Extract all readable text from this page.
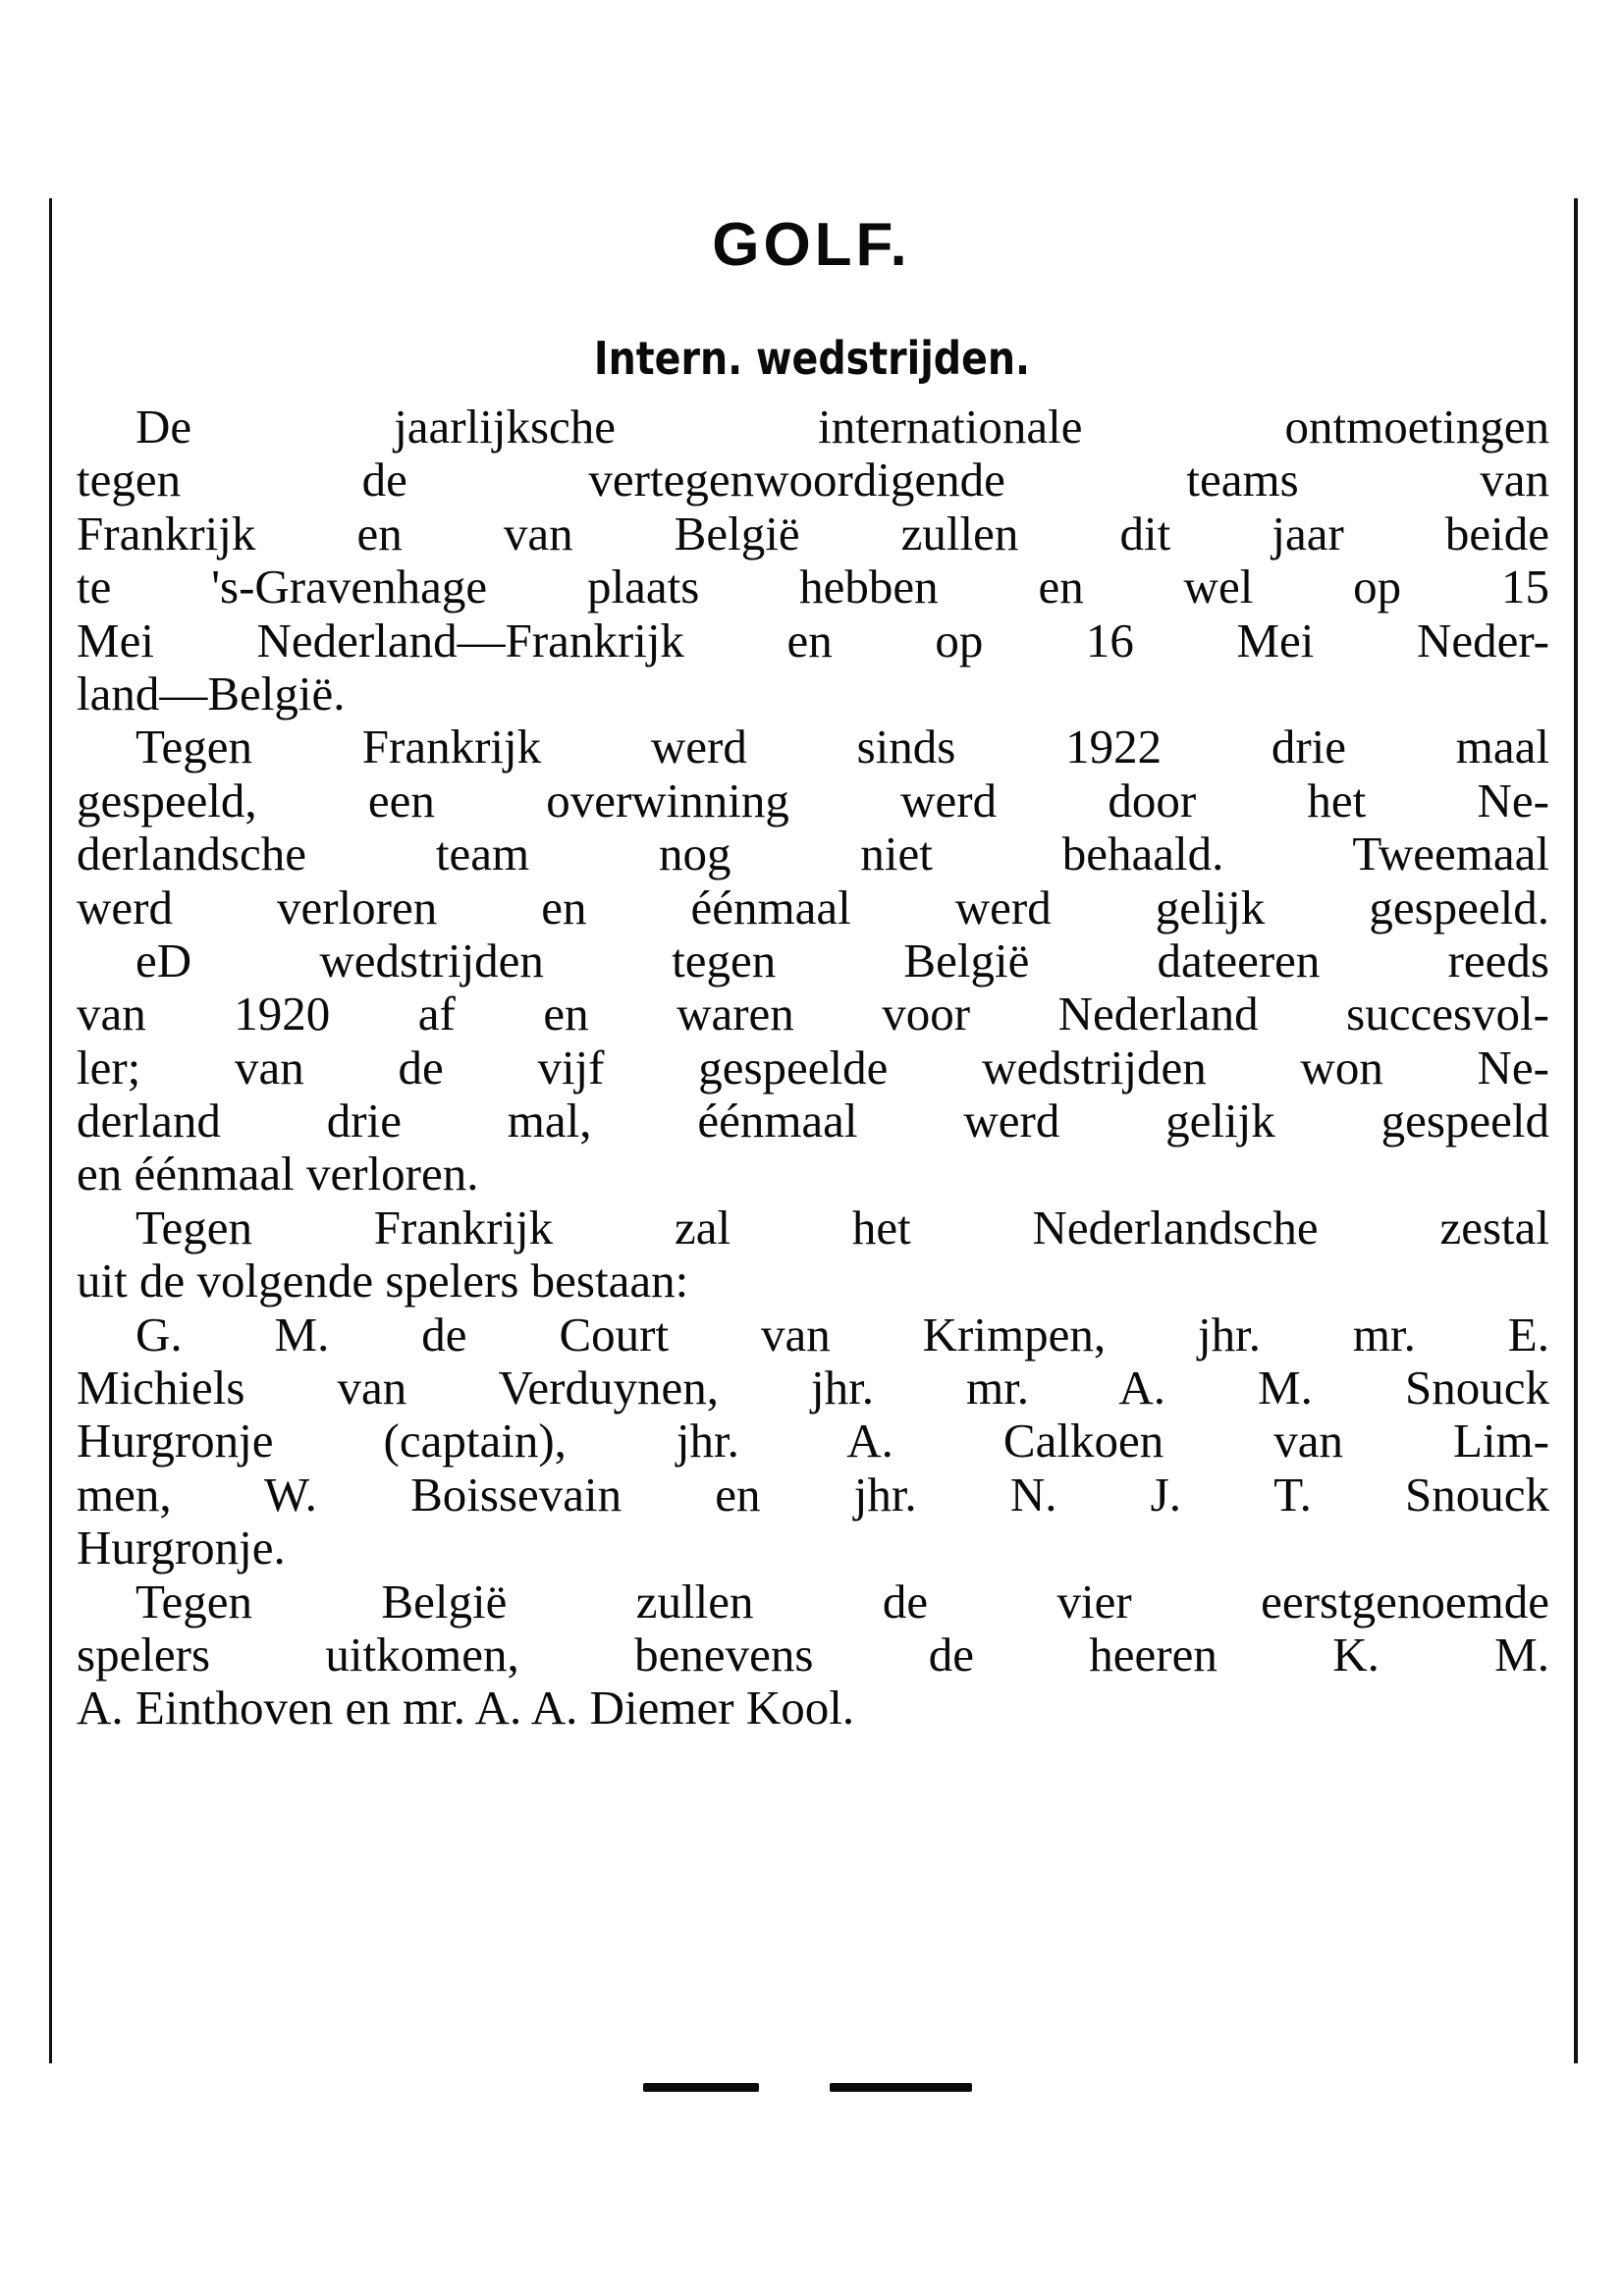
GOLF.
Intern. wedstrijden.
De jaarlijksche internationale ontmoetingen
tegen de vertegenwoordigende teams van
Frankrijk en van België zullen dit jaar beide
te 's-Gravenhage plaats hebben en wel op 15
Mei Nederland—Frankrijk en op 16 Mei Neder-
land—België.
Tegen Frankrijk werd sinds 1922 drie maal
gespeeld, een overwinning werd door het Ne-
derlandsche team nog niet behaald. Tweemaal
werd verloren en éénmaal werd gelijk gespeeld.
eD wedstrijden tegen België dateeren reeds
van 1920 af en waren voor Nederland succesvol-
ler; van de vijf gespeelde wedstrijden won Ne-
derland drie mal, éénmaal werd gelijk gespeeld
en éénmaal verloren.
Tegen Frankrijk zal het Nederlandsche zestal
uit de volgende spelers bestaan:
G. M. de Court van Krimpen, jhr. mr. E.
Michiels van Verduynen, jhr. mr. A. M. Snouck
Hurgronje (captain), jhr. A. Calkoen van Lim-
men, W. Boissevain en jhr. N. J. T. Snouck
Hurgronje.
Tegen België zullen de vier eerstgenoemde
spelers uitkomen, benevens de heeren K. M.
A. Einthoven en mr. A. A. Diemer Kool.
